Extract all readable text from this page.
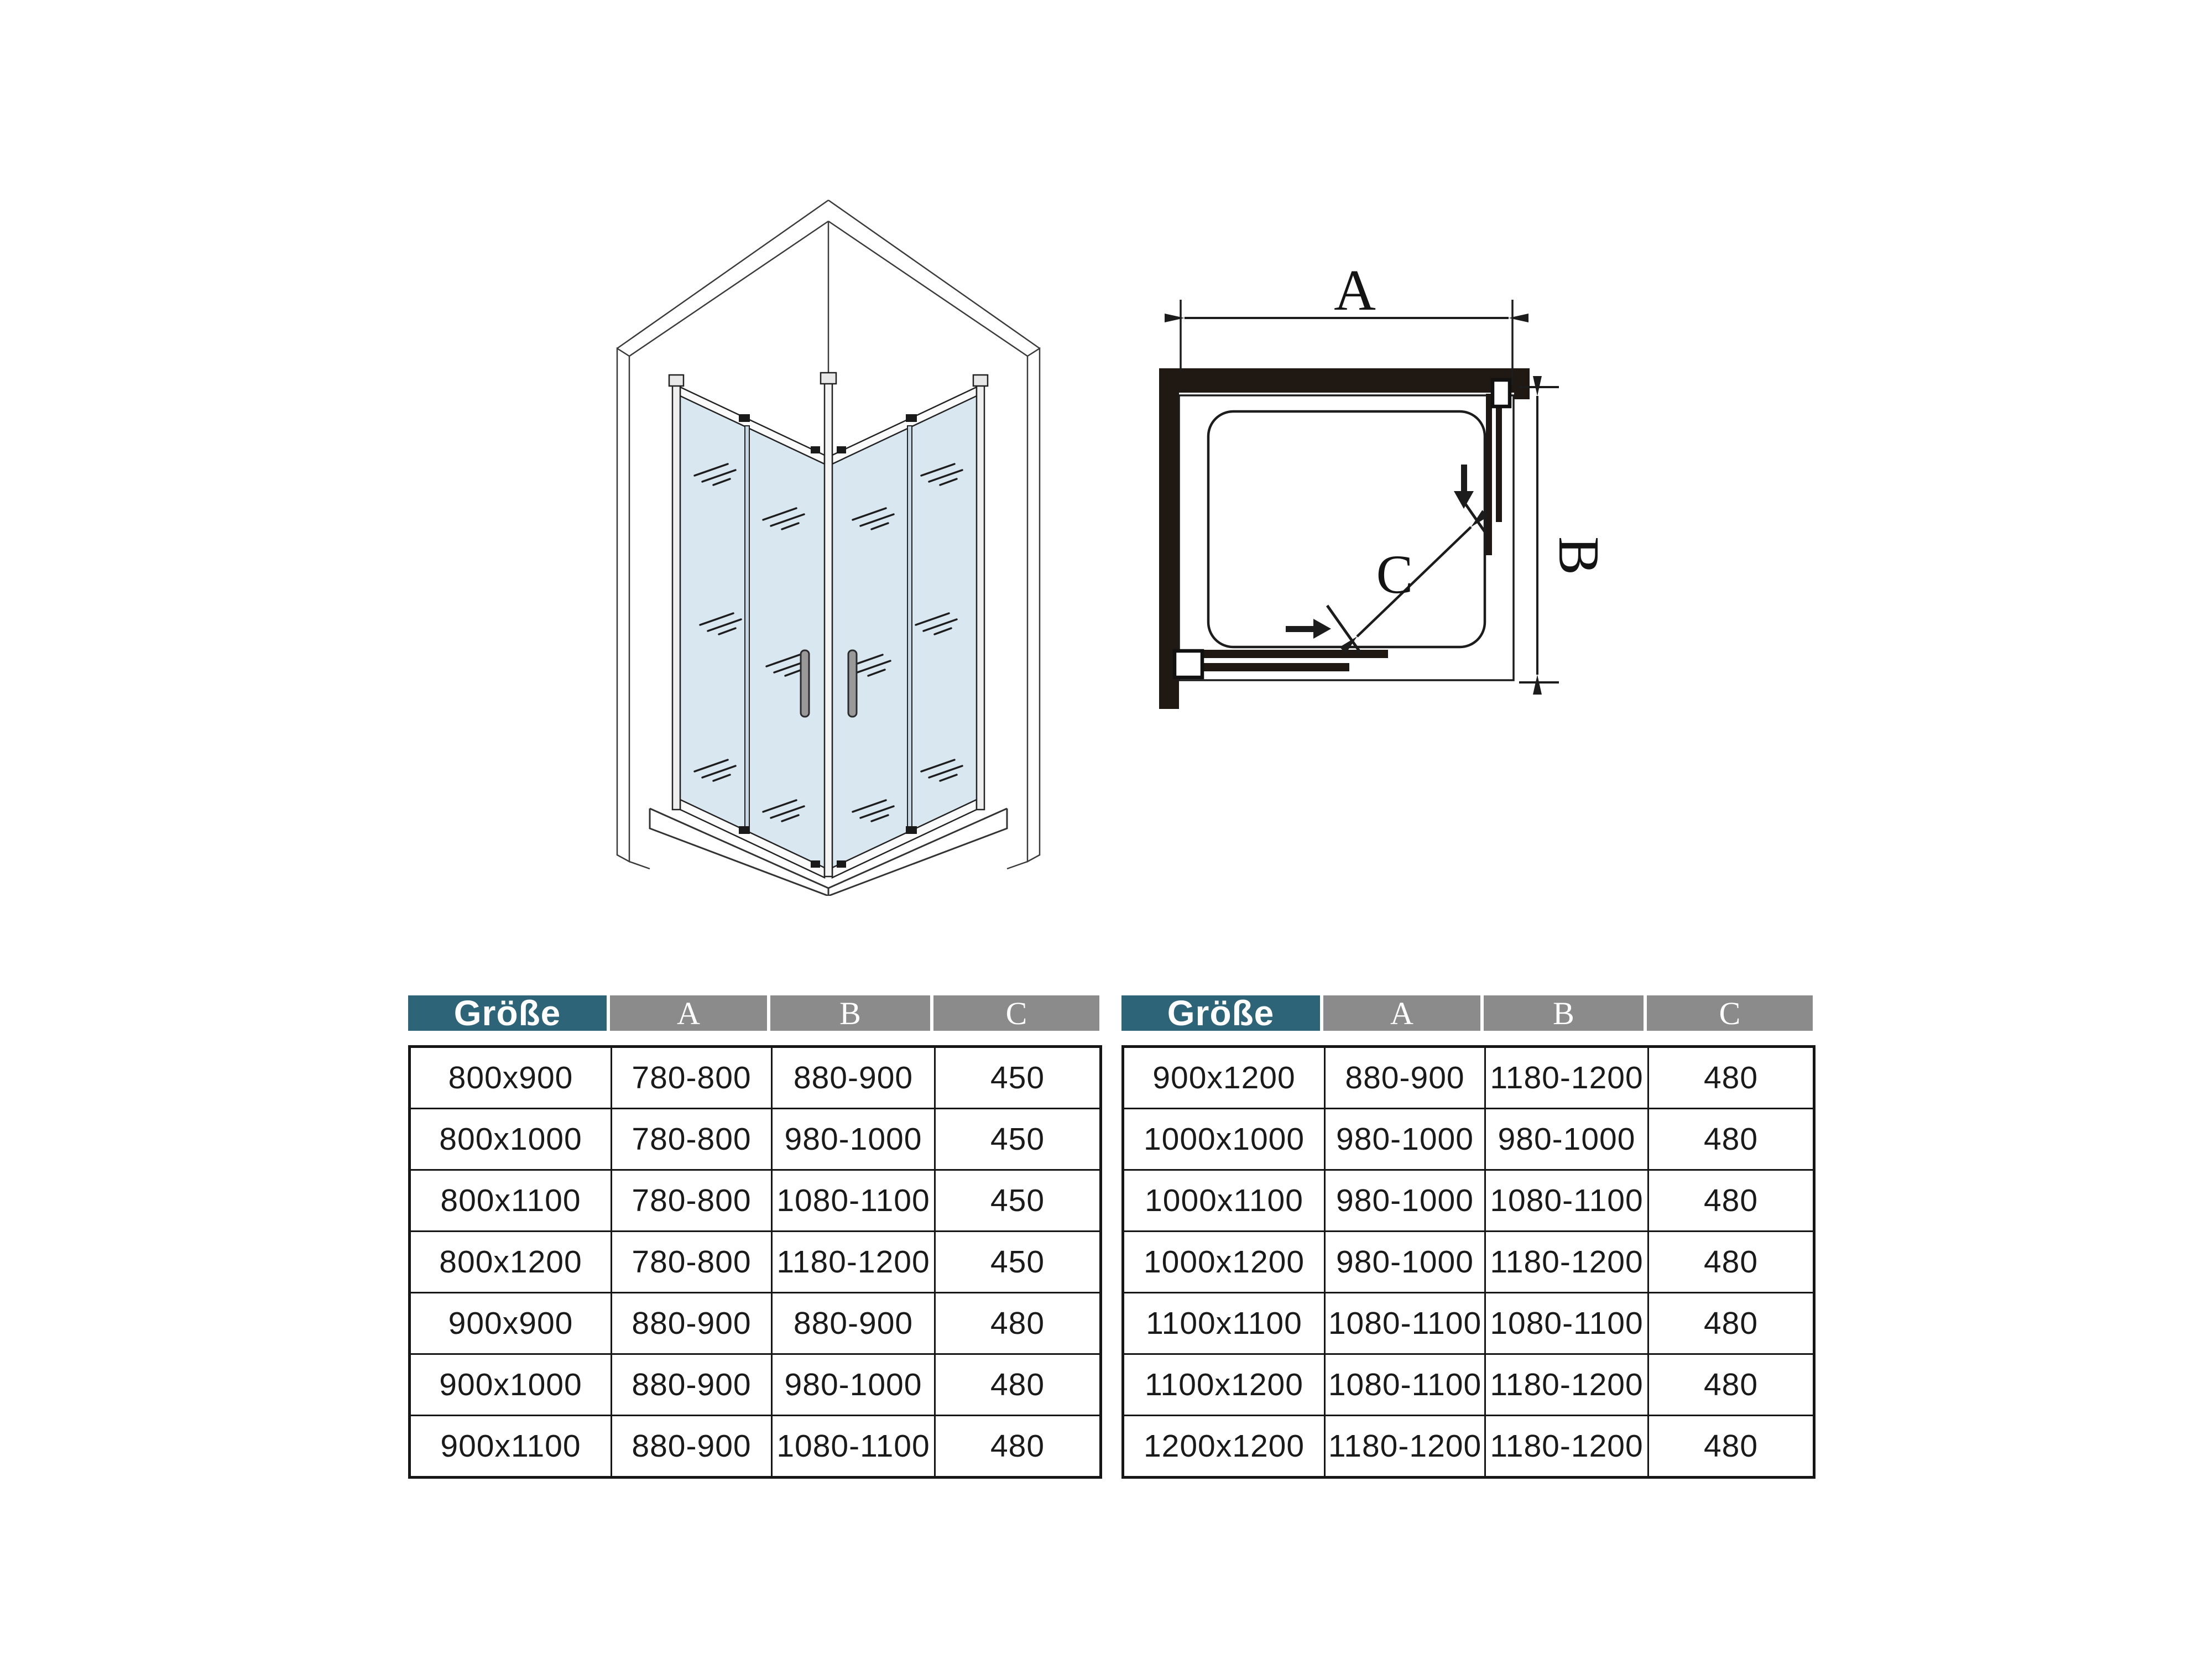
A
B
C
Größe	A	B	C
800x900	780-800	880-900	450
800x1000	780-800	980-1000	450
800x1100	780-800	1080-1100	450
800x1200	780-800	1180-1200	450
900x900	880-900	880-900	480
900x1000	880-900	980-1000	480
900x1100	880-900	1080-1100	480
Größe	A	B	C
900x1200	880-900	1180-1200	480
1000x1000	980-1000	980-1000	480
1000x1100	980-1000	1080-1100	480
1000x1200	980-1000	1180-1200	480
1100x1100	1080-1100	1080-1100	480
1100x1200	1080-1100	1180-1200	480
1200x1200	1180-1200	1180-1200	480
